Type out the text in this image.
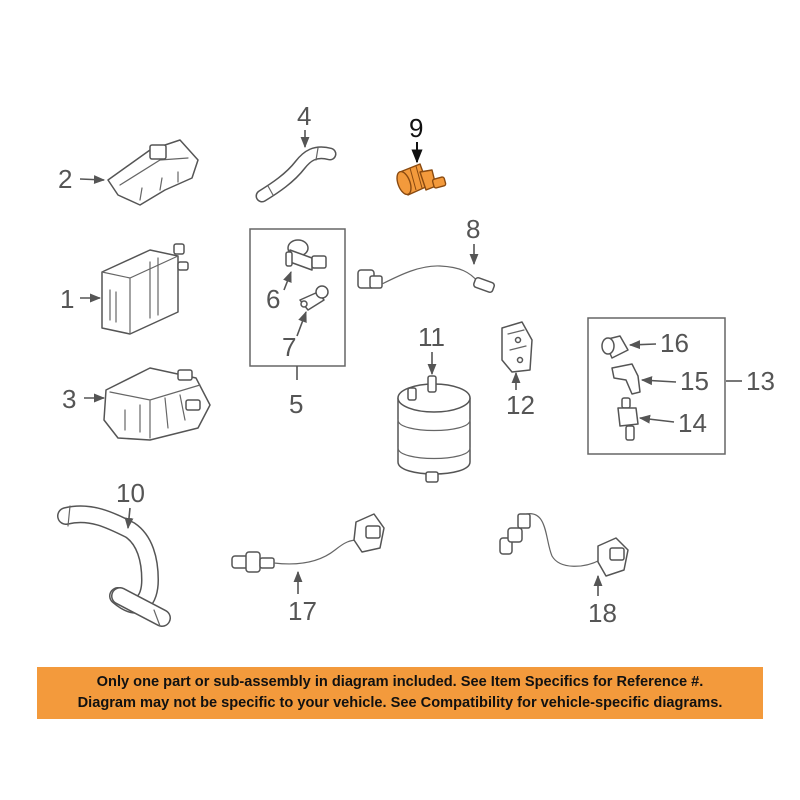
2
4	9
1
3
6
7
5
8
11
12
16
15
14
13
10
17	18
Only one part or sub-assembly in diagram included. See Item Specifics for Reference #.
Diagram may not be specific to your vehicle. See Compatibility for vehicle-specific diagrams.
